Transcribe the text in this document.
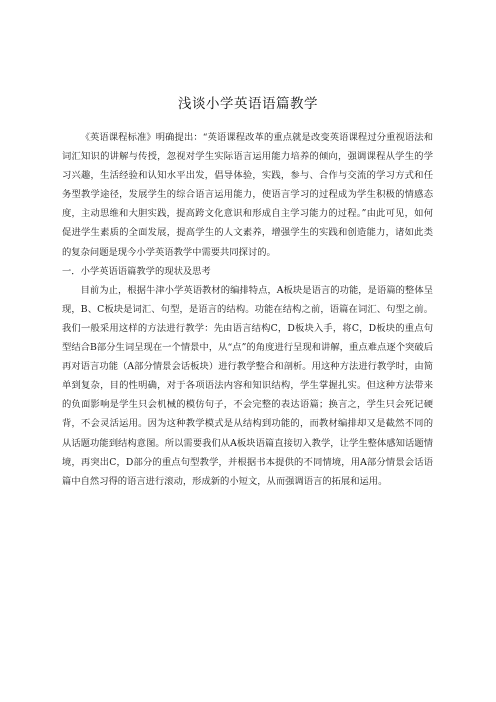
浅谈小学英语语篇教学

《英语课程标准》明确提出：“英语课程改革的重点就是改变英语课程过分重视语法和词汇知识的讲解与传授，忽视对学生实际语言运用能力培养的倾向，强调课程从学生的学习兴趣，生活经验和认知水平出发，倡导体验，实践，参与、合作与交流的学习方式和任务型教学途径，发展学生的综合语言运用能力，使语言学习的过程成为学生积极的情感态度，主动思维和大胆实践，提高跨文化意识和形成自主学习能力的过程。”由此可见，如何促进学生素质的全面发展，提高学生的人文素养，增强学生的实践和创造能力，诸如此类的复杂问题是现今小学英语教学中需要共同探讨的。

一．小学英语语篇教学的现状及思考

目前为止，根据牛津小学英语教材的编排特点，A板块是语言的功能，是语篇的整体呈现，B、C板块是词汇、句型，是语言的结构。功能在结构之前，语篇在词汇、句型之前。我们一般采用这样的方法进行教学：先由语言结构C，D板块入手，将C，D板块的重点句型结合B部分生词呈现在一个情景中，从“点”的角度进行呈现和讲解，重点难点逐个突破后再对语言功能（A部分情景会话板块）进行教学整合和剖析。用这种方法进行教学时，由简单到复杂，目的性明确，对于各项语法内容和知识结构，学生掌握扎实。但这种方法带来的负面影响是学生只会机械的模仿句子，不会完整的表达语篇；换言之，学生只会死记硬背，不会灵活运用。因为这种教学模式是从结构到功能的，而教材编排却又是截然不同的从话题功能到结构意图。所以需要我们从A板块语篇直接切入教学，让学生整体感知话题情境，再突出C，D部分的重点句型教学，并根据书本提供的不同情境，用A部分情景会话语篇中自然习得的语言进行滚动，形成新的小短文，从而强调语言的拓展和运用。
